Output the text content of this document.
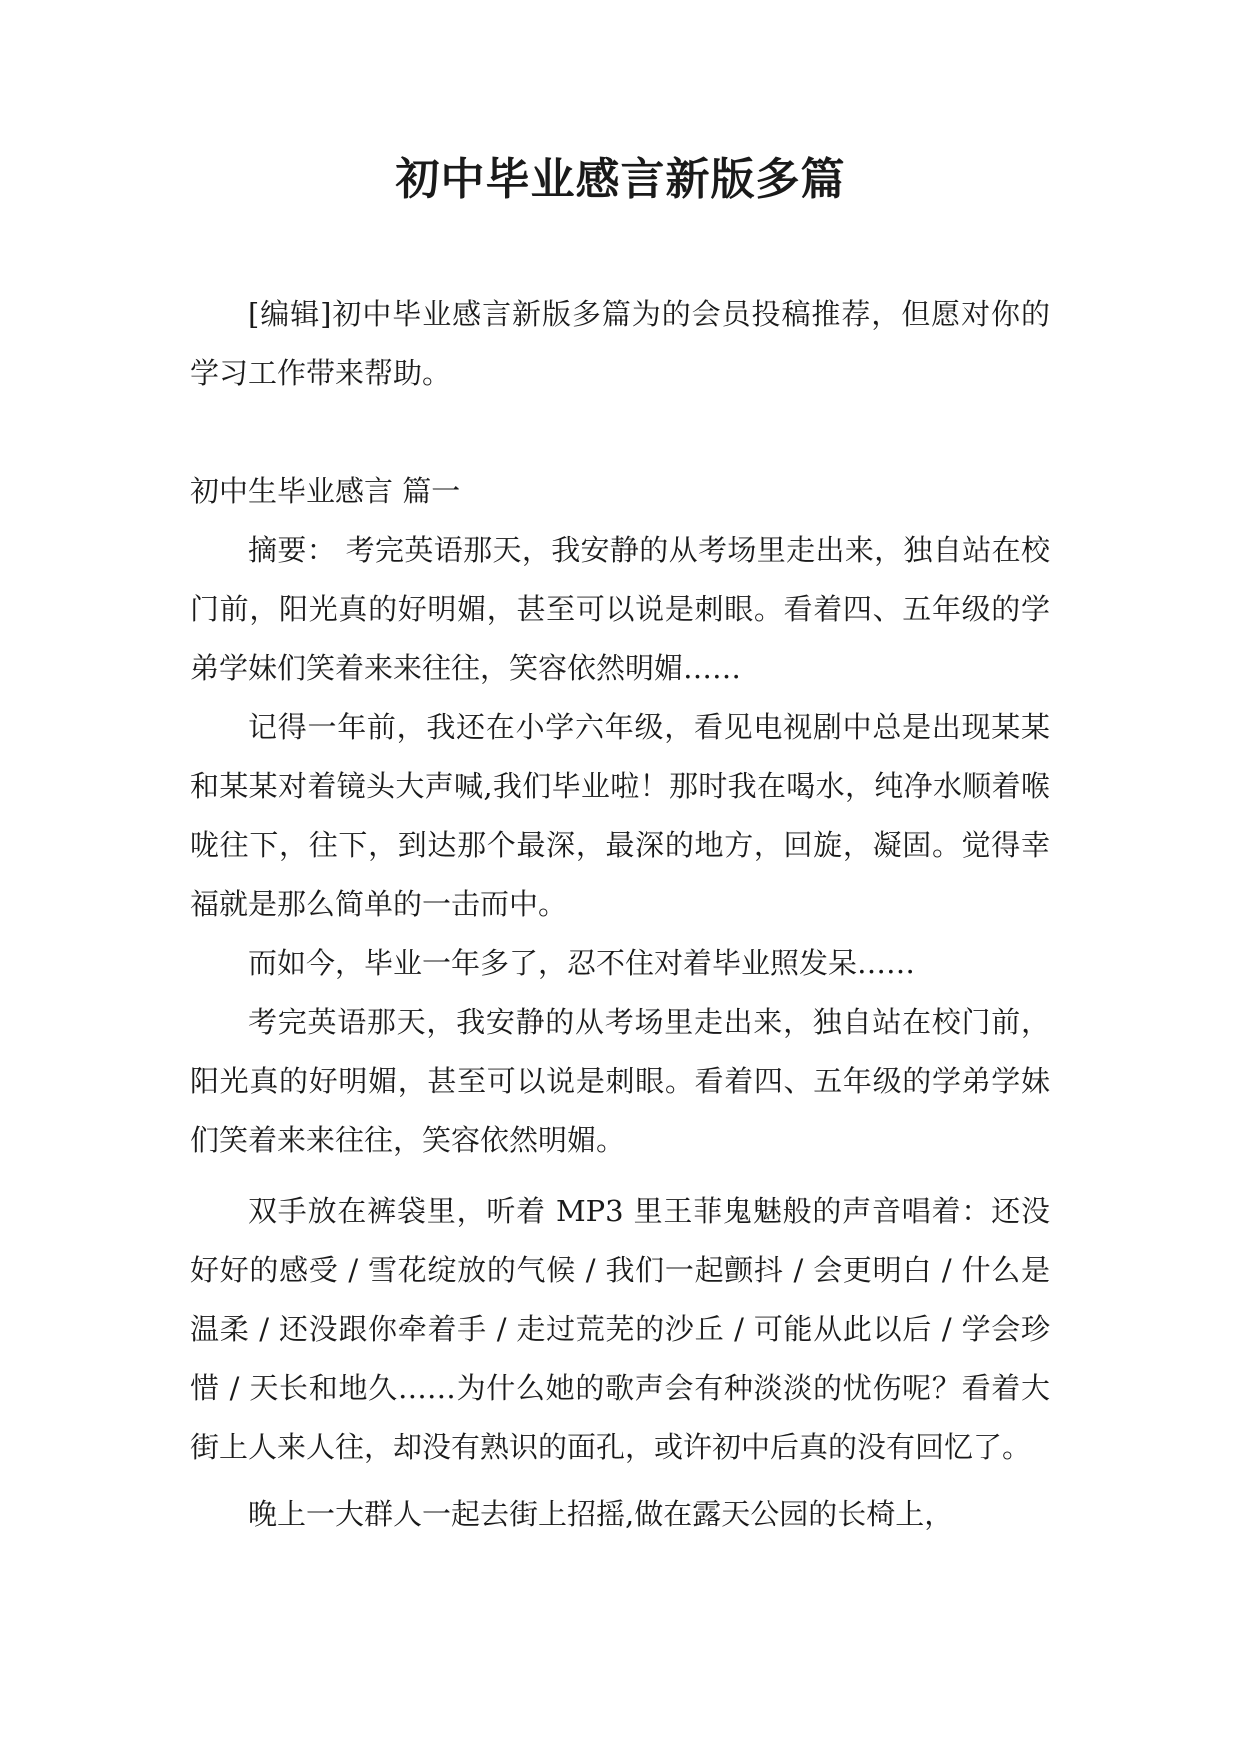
初中毕业感言新版多篇

[编辑]初中毕业感言新版多篇为的会员投稿推荐，但愿对你的学习工作带来帮助。

初中生毕业感言 篇一

摘要： 考完英语那天，我安静的从考场里走出来，独自站在校门前，阳光真的好明媚，甚至可以说是刺眼。看着四、五年级的学弟学妹们笑着来来往往，笑容依然明媚……

记得一年前，我还在小学六年级，看见电视剧中总是出现某某和某某对着镜头大声喊,我们毕业啦！那时我在喝水，纯净水顺着喉咙往下，往下，到达那个最深，最深的地方，回旋，凝固。觉得幸福就是那么简单的一击而中。

而如今，毕业一年多了，忍不住对着毕业照发呆……

考完英语那天，我安静的从考场里走出来，独自站在校门前，阳光真的好明媚，甚至可以说是刺眼。看着四、五年级的学弟学妹们笑着来来往往，笑容依然明媚。

双手放在裤袋里，听着 MP3 里王菲鬼魅般的声音唱着：还没好好的感受 / 雪花绽放的气候 / 我们一起颤抖 / 会更明白 / 什么是温柔 / 还没跟你牵着手 / 走过荒芜的沙丘 / 可能从此以后 / 学会珍惜 / 天长和地久……为什么她的歌声会有种淡淡的忧伤呢？看着大街上人来人往，却没有熟识的面孔，或许初中后真的没有回忆了。

晚上一大群人一起去街上招摇,做在露天公园的长椅上，
